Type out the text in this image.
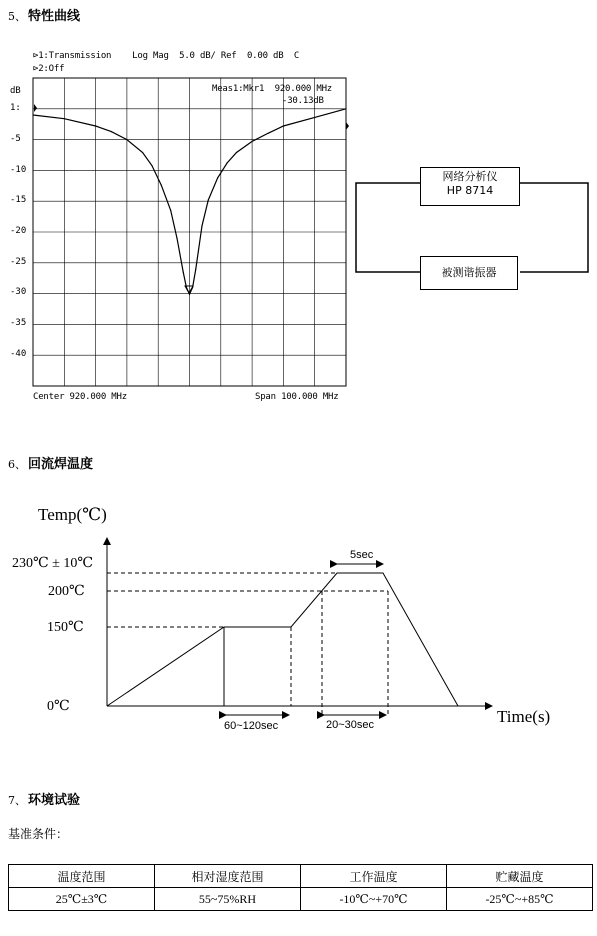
5、 特性曲线
⊳1:Transmission    Log Mag  5.0 dB/ Ref  0.00 dB  C
⊳2:Off
dB
1:
-5
-10
-15
-20
-25
-30
-35
-40
Meas1:Mkr1  920.000 MHz
-30.13dB
Center 920.000 MHz	Span 100.000 MHz
网络分析仪
HP 8714
被测谐振器
6、 回流焊温度
Temp(℃)
Time(s)
230℃ ± 10℃
200℃
150℃
0℃
5sec
60~120sec	20~30sec
7、 环境试验
基准条件：
温度范围	相对湿度范围	工作温度	贮藏温度
25℃±3℃	55~75%RH	-10℃~+70℃	-25℃~+85℃
